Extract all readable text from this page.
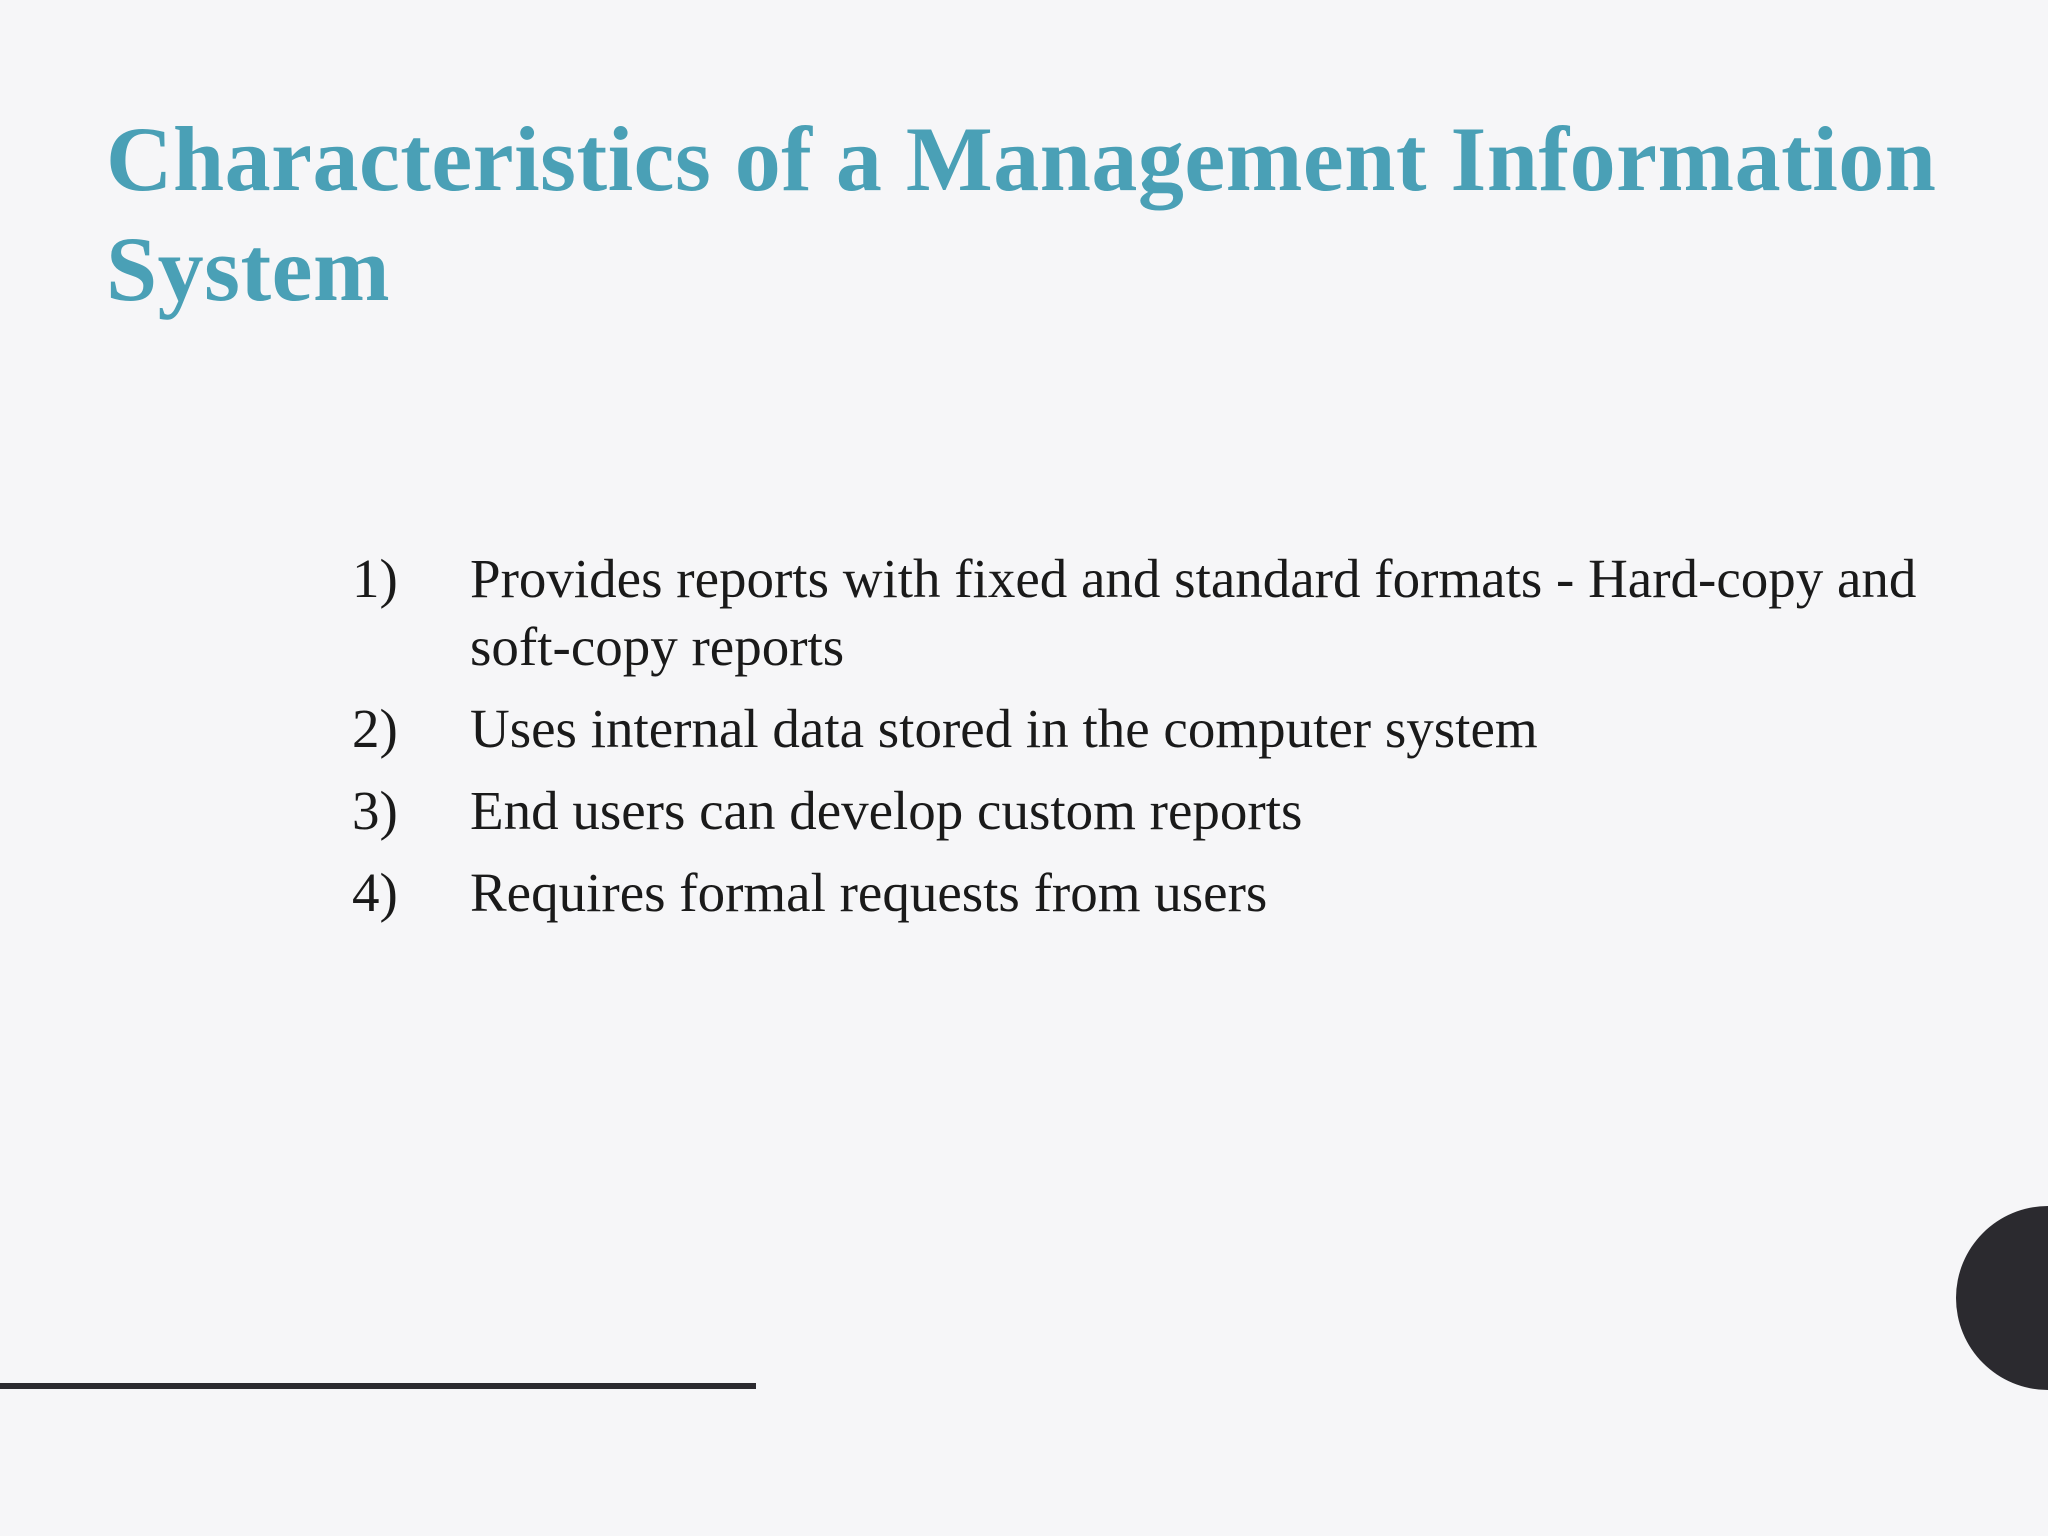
Characteristics of a Management Information System
1)	Provides reports with fixed and standard formats - Hard-copy and soft-copy reports
2)	Uses internal data stored in the computer system
3)	End users can develop custom reports
4)	Requires formal requests from users
